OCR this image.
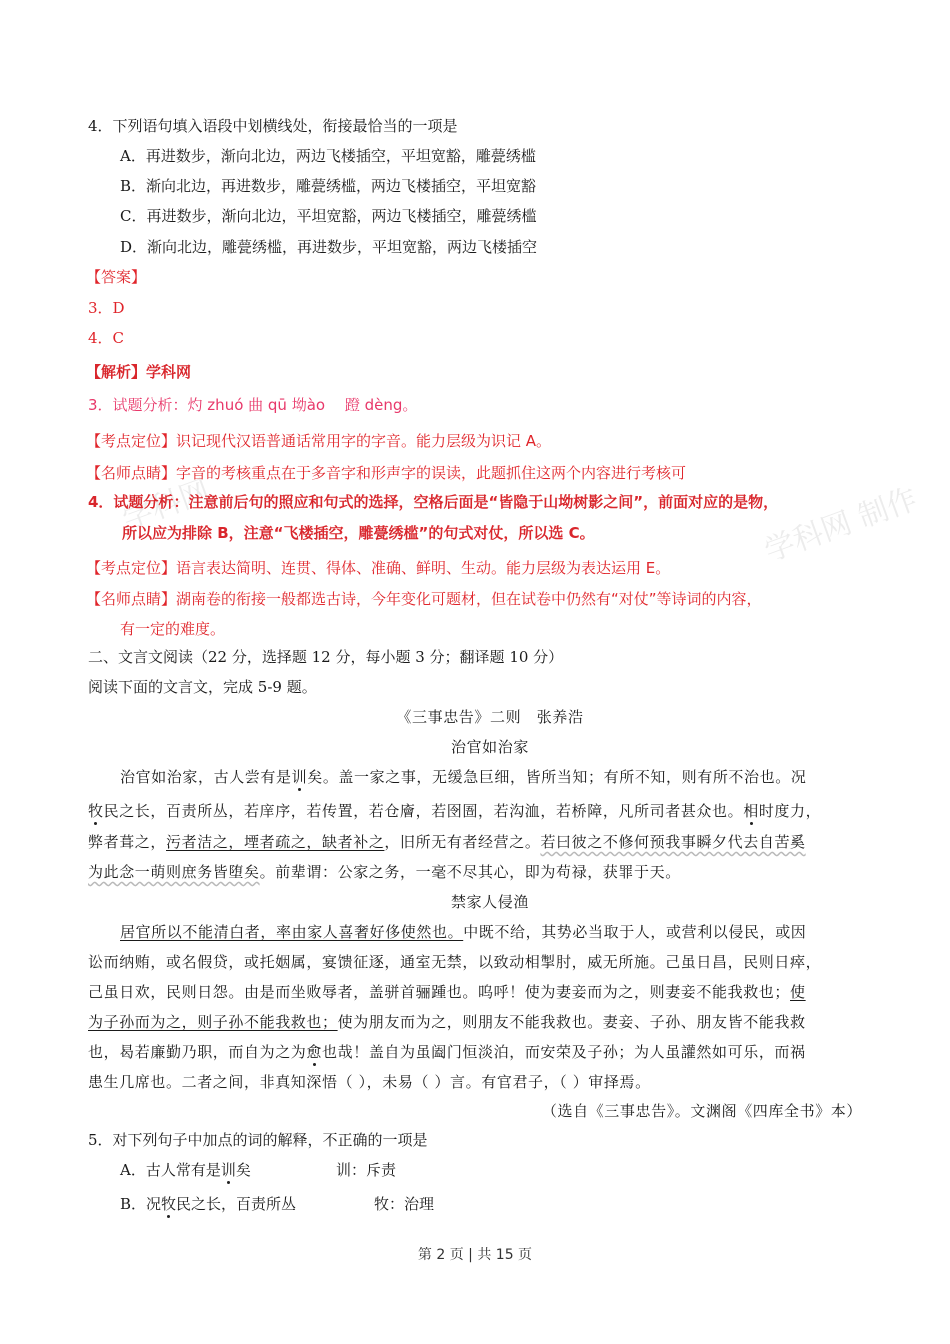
学科网	学科网 制作
4．下列语句填入语段中划横线处，衔接最恰当的一项是
A．再进数步，渐向北边，两边飞楼插空，平坦宽豁，雕甍绣槛
B．渐向北边，再进数步，雕甍绣槛，两边飞楼插空，平坦宽豁
C．再进数步，渐向北边，平坦宽豁，两边飞楼插空，雕甍绣槛
D．渐向北边，雕甍绣槛，再进数步，平坦宽豁，两边飞楼插空
【答案】
3．D
4．C
【解析】学科网
3．试题分析：灼 zhuó 曲 qū 坳ào　 蹬 dèng。
【考点定位】识记现代汉语普通话常用字的字音。能力层级为识记 A。
【名师点睛】字音的考核重点在于多音字和形声字的误读，此题抓住这两个内容进行考核可
4．试题分析：注意前后句的照应和句式的选择，空格后面是“皆隐于山坳树影之间”，前面对应的是物，
所以应为排除 B，注意“飞楼插空，雕甍绣槛”的句式对仗，所以选 C。
【考点定位】语言表达简明、连贯、得体、准确、鲜明、生动。能力层级为表达运用 E。
【名师点睛】湖南卷的衔接一般都选古诗，今年变化可题材，但在试卷中仍然有“对仗”等诗词的内容，
有一定的难度。
二、文言文阅读（22 分，选择题 12 分，每小题 3 分；翻译题 10 分）
阅读下面的文言文，完成 5-9 题。
《三事忠告》二则　张养浩
治官如治家
治官如治家，古人尝有是训矣。盖一家之事，无缓急巨细，皆所当知；有所不知，则有所不治也。况
牧民之长，百责所丛，若庠序，若传置，若仓廥，若囹圄，若沟洫，若桥障，凡所司者甚众也。相时度力，
弊者葺之，污者洁之，堙者疏之，缺者补之，旧所无有者经营之。若曰彼之不修何预我事瞬夕代去自苦奚
为此念一萌则庶务皆堕矣。前辈谓：公家之务，一毫不尽其心，即为苟禄，获罪于天。
禁家人侵渔
居官所以不能清白者，率由家人喜奢好侈使然也。中既不给，其势必当取于人，或营利以侵民，或因
讼而纳贿，或名假贷，或托姻属，宴馈征逐，通室无禁，以致动相掣肘，威无所施。己虽日昌，民则日瘁，
己虽日欢，民则日怨。由是而坐败辱者，盖骈首骊踵也。呜呼！使为妻妾而为之，则妻妾不能我救也；使
为子孙而为之，则子孙不能我救也；使为朋友而为之，则朋友不能我救也。妻妾、子孙、朋友皆不能我救
也，曷若廉勤乃职，而自为之为愈也哉！盖自为虽阖门恒淡泊，而安荣及子孙；为人虽讙然如可乐，而祸
患生几席也。二者之间，非真知深悟（ ），未易（ ）言。有官君子，（ ）审择焉。
（选自《三事忠告》。文渊阁《四库全书》本）
5．对下列句子中加点的词的解释，不正确的一项是
A．古人常有是训矣	训：斥责
B．况牧民之长，百责所丛	牧：治理
第 2 页 | 共 15 页
